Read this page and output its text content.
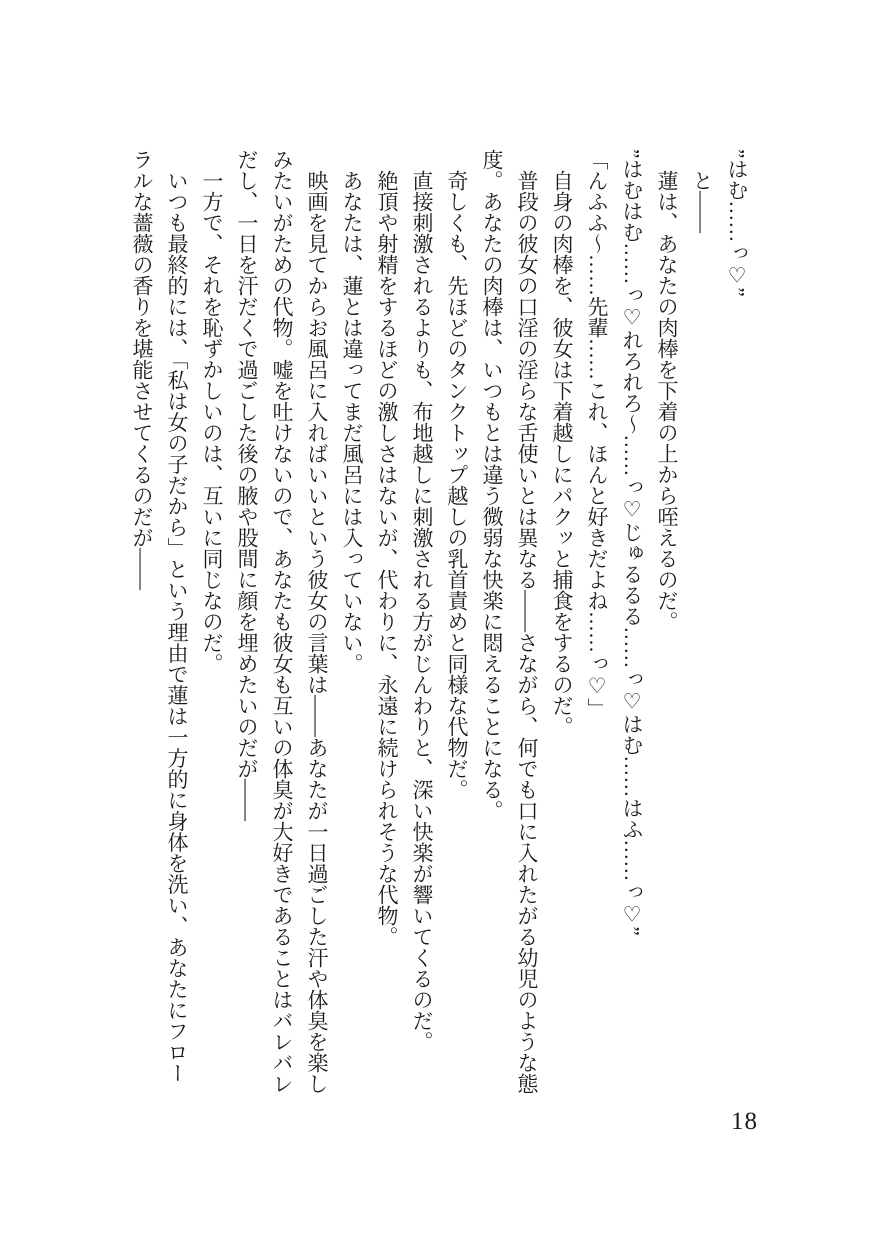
”はむ……っ♡”

　と――

　蓮は、あなたの肉棒を下着の上から咥えるのだ。

”はむはむ……っ♡れろれろ～……っ♡じゅるるる……っ♡はむ……はふ……っ♡”

「んふふ～……先輩……これ、ほんと好きだよね……っ♡」

　自身の肉棒を、彼女は下着越しにパクッと捕食をするのだ。

　普段の彼女の口淫の淫らな舌使いとは異なる――さながら、何でも口に入れたがる幼児のような態

度。あなたの肉棒は、いつもとは違う微弱な快楽に悶えることになる。

　奇しくも、先ほどのタンクトップ越しの乳首責めと同様な代物だ。

　直接刺激されるよりも、布地越しに刺激される方がじんわりと、深い快楽が響いてくるのだ。

　絶頂や射精をするほどの激しさはないが、代わりに、永遠に続けられそうな代物。

　あなたは、蓮とは違ってまだ風呂には入っていない。

　映画を見てからお風呂に入ればいいという彼女の言葉は――あなたが一日過ごした汗や体臭を楽し

みたいがための代物。嘘を吐けないので、あなたも彼女も互いの体臭が大好きであることはバレバレ

だし、一日を汗だくで過ごした後の腋や股間に顔を埋めたいのだが――

　一方で、それを恥ずかしいのは、互いに同じなのだ。

　いつも最終的には、「私は女の子だから」という理由で蓮は一方的に身体を洗い、あなたにフロー

ラルな薔薇の香りを堪能させてくるのだが――

18
